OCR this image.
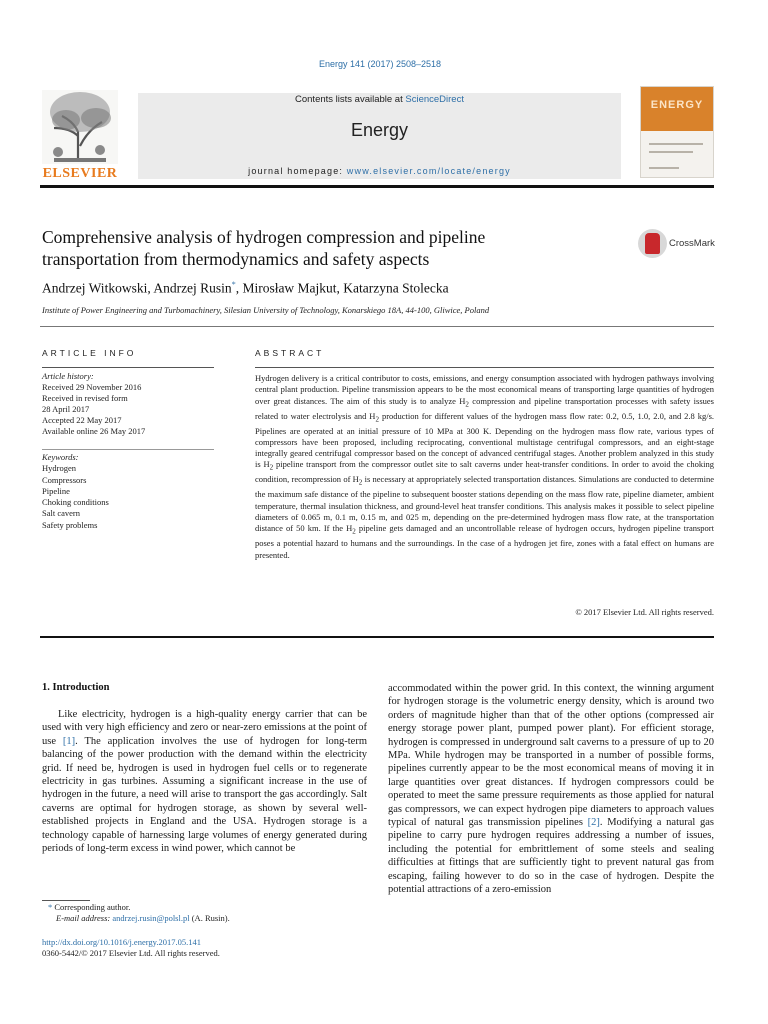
Energy 141 (2017) 2508–2518
ELSEVIER
Contents lists available at ScienceDirect
Energy
journal homepage: www.elsevier.com/locate/energy
ENERGY
Comprehensive analysis of hydrogen compression and pipeline
transportation from thermodynamics and safety aspects
CrossMark
Andrzej Witkowski, Andrzej Rusin*, Mirosław Majkut, Katarzyna Stolecka
Institute of Power Engineering and Turbomachinery, Silesian University of Technology, Konarskiego 18A, 44-100, Gliwice, Poland
ARTICLE INFO	ABSTRACT
Article history:
Received 29 November 2016
Received in revised form
28 April 2017
Accepted 22 May 2017
Available online 26 May 2017
Keywords:
Hydrogen
Compressors
Pipeline
Choking conditions
Salt cavern
Safety problems
Hydrogen delivery is a critical contributor to costs, emissions, and energy consumption associated with hydrogen pathways involving central plant production. Pipeline transmission appears to be the most economical means of transporting large quantities of hydrogen over great distances. The aim of this study is to analyze $H_2$ compression and pipeline transportation processes with safety issues related to water electrolysis and $H_2$ production for different values of the hydrogen mass flow rate: 0.2, 0.5, 1.0, 2.0, and 2.8 kg/s. Pipelines are operated at an initial pressure of 10 MPa at 300 K. Depending on the hydrogen mass flow rate, various types of compressors have been proposed, including reciprocating, conventional multistage centrifugal compressors, and an eight-stage integrally geared centrifugal compressor based on the concept of advanced centrifugal stages. Another problem analyzed in this study is $H_2$ pipeline transport from the compressor outlet site to salt caverns under heat-transfer conditions. In order to avoid the choking condition, recompression of $H_2$ is necessary at appropriately selected transportation distances. Simulations are conducted to determine the maximum safe distance of the pipeline to subsequent booster stations depending on the mass flow rate, pipeline diameter, ambient temperature, thermal insulation thickness, and ground-level heat transfer conditions. This analysis makes it possible to select pipeline diameters of 0.065 m, 0.1 m, 0.15 m, and 025 m, depending on the pre-determined hydrogen mass flow rate, at the transportation distance of 50 km. If the $H_2$ pipeline gets damaged and an uncontrollable release of hydrogen occurs, hydrogen pipeline transport poses a potential hazard to humans and the surroundings. In the case of a hydrogen jet fire, zones with a fatal effect on humans are presented.
© 2017 Elsevier Ltd. All rights reserved.
1. Introduction
Like electricity, hydrogen is a high-quality energy carrier that can be used with very high efficiency and zero or near-zero emissions at the point of use [1]. The application involves the use of hydrogen for long-term balancing of the power production with the demand within the electricity grid. If need be, hydrogen is used in hydrogen fuel cells or to regenerate electricity in gas turbines. Assuming a significant increase in the use of hydrogen in the future, a need will arise to transport the gas accordingly. Salt caverns are optimal for hydrogen storage, as shown by several well-established projects in England and the USA. Hydrogen storage is a technology capable of harnessing large volumes of energy generated during periods of long-term excess in wind power, which cannot be
accommodated within the power grid. In this context, the winning argument for hydrogen storage is the volumetric energy density, which is around two orders of magnitude higher than that of the other options (compressed air energy storage power plant, pumped power plant). For efficient storage, hydrogen is compressed in underground salt caverns to a pressure of up to 20 MPa. While hydrogen may be transported in a number of possible forms, pipelines currently appear to be the most economical means of moving it in large quantities over great distances. If hydrogen compressors could be operated to meet the same pressure requirements as those applied for natural gas compressors, we can expect hydrogen pipe diameters to approach values typical of natural gas transmission pipelines [2]. Modifying a natural gas pipeline to carry pure hydrogen requires addressing a number of issues, including the potential for embrittlement of some steels and sealing difficulties at fittings that are sufficiently tight to prevent natural gas from escaping, failing however to do so in the case of hydrogen. Despite the potential attractions of a zero-emission
* Corresponding author.
E-mail address: andrzej.rusin@polsl.pl (A. Rusin).
http://dx.doi.org/10.1016/j.energy.2017.05.141
0360-5442/© 2017 Elsevier Ltd. All rights reserved.
